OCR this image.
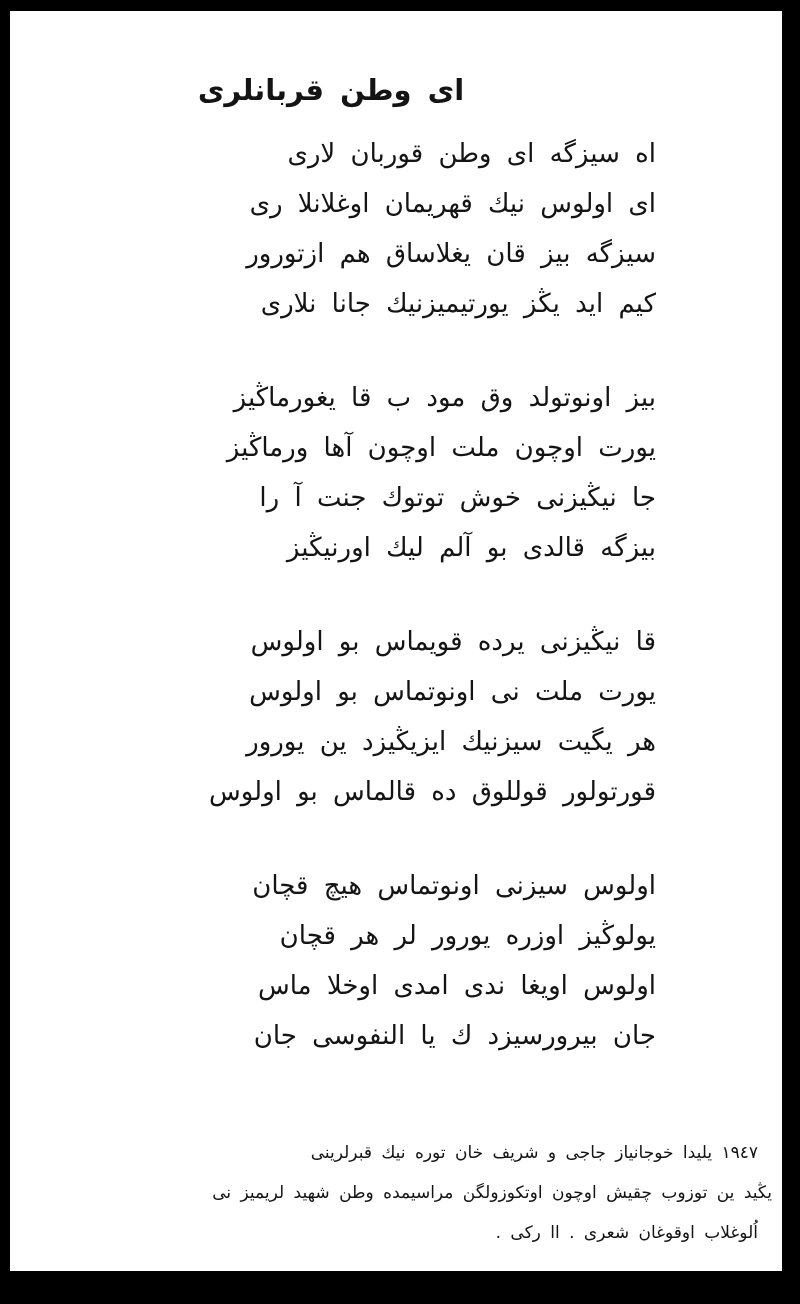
اى وطن قربانلرى
اه سيزگه اى وطن قوربان لارى
اى اولوس نيك قهريمان اوغلانلا رى
سيزگه بيز قان يغلاساق هم ازتورور
كيم ايد يڭز يورتيميزنيك جانا نلارى
بيز اونوتولد وق مود ب قا يغورماڭيز
يورت اوچون ملت اوچون آها ورماڭيز
جا نيڭيزنى خوش توتوك جنت آ را
بيزگه قالدى بو آلم ليك اورنيڭيز
قا نيڭيزنى يرده قويماس بو اولوس
يورت ملت نى اونوتماس بو اولوس
هر يگيت سيزنيك ايزيڭيزد ين يورور
قورتولور قوللوق ده قالماس بو اولوس
اولوس سيزنى اونوتماس هيچ قچان
يولوڭيز اوزره يورور لر هر قچان
اولوس اويغا ندى امدى اوخلا ماس
جان بيرورسيزد ك يا النفوسى جان
١٩٤٧ يليدا خوجانياز جاجى و شريف خان توره نيك قبرلرينى
يڭيد ين توزوب چقيش اوچون اوتكوزولگن مراسيمده وطن شهيد لريميز نى
اُلوغلاب اوقوغان شعرى . اا ركى .
